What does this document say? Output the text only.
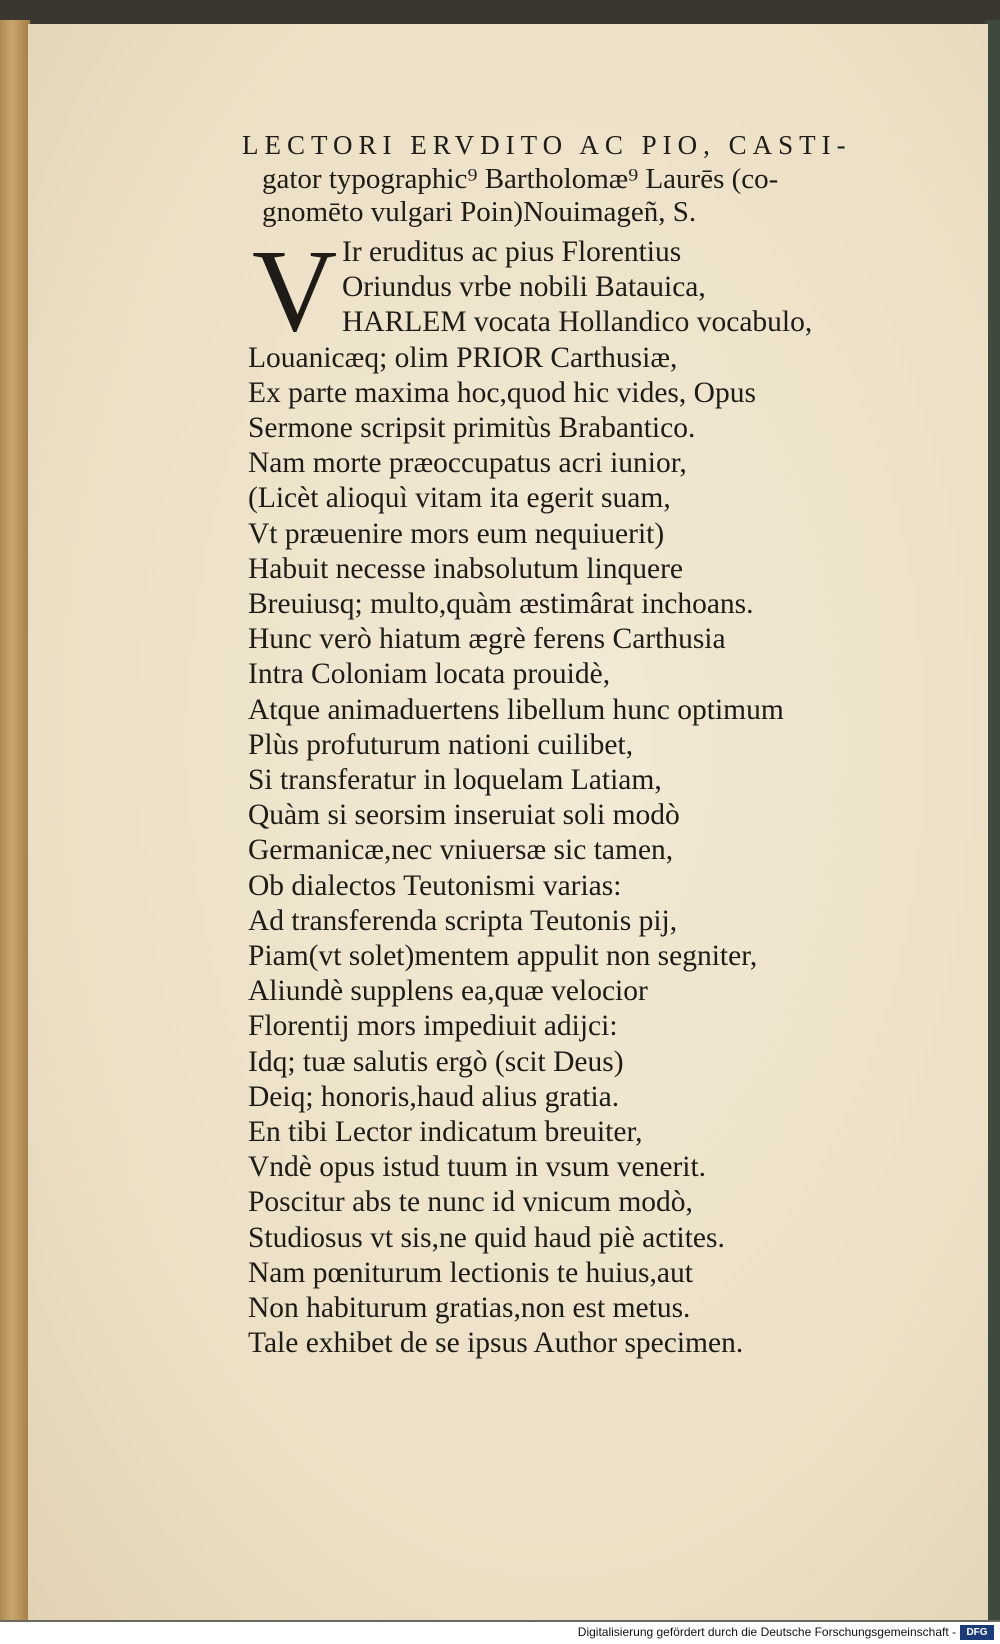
LECTORI ERVDITO AC PIO, CASTI-
gator typographic⁹ Bartholomæ⁹ Laurēs (co-
gnomēto vulgari Poin)Nouimageñ, S.
V Ir eruditus ac pius Florentius
Oriundus vrbe nobili Batauica,
HARLEM vocata Hollandico vocabulo,
Louanicæq; olim PRIOR Carthusiæ,
Ex parte maxima hoc,quod hic vides, Opus
Sermone scripsit primitùs Brabantico.
Nam morte præoccupatus acri iunior,
(Licèt alioquì vitam ita egerit suam,
Vt præuenire mors eum nequiuerit)
Habuit necesse inabsolutum linquere
Breuiusq; multo,quàm æstimârat inchoans.
Hunc verò hiatum ægrè ferens Carthusia
Intra Coloniam locata prouidè,
Atque animaduertens libellum hunc optimum
Plùs profuturum nationi cuilibet,
Si transferatur in loquelam Latiam,
Quàm si seorsim inseruiat soli modò
Germanicæ,nec vniuersæ sic tamen,
Ob dialectos Teutonismi varias:
Ad transferenda scripta Teutonis pij,
Piam(vt solet)mentem appulit non segniter,
Aliundè supplens ea,quæ velocior
Florentij mors impediuit adijci:
Idq; tuæ salutis ergò (scit Deus)
Deiq; honoris,haud alius gratia.
En tibi Lector indicatum breuiter,
Vndè opus istud tuum in vsum venerit.
Poscitur abs te nunc id vnicum modò,
Studiosus vt sis,ne quid haud piè actites.
Nam pœniturum lectionis te huius,aut
Non habiturum gratias,non est metus.
Tale exhibet de se ipsus Author specimen.
Digitalisierung gefördert durch die Deutsche Forschungsgemeinschaft -	DFG
